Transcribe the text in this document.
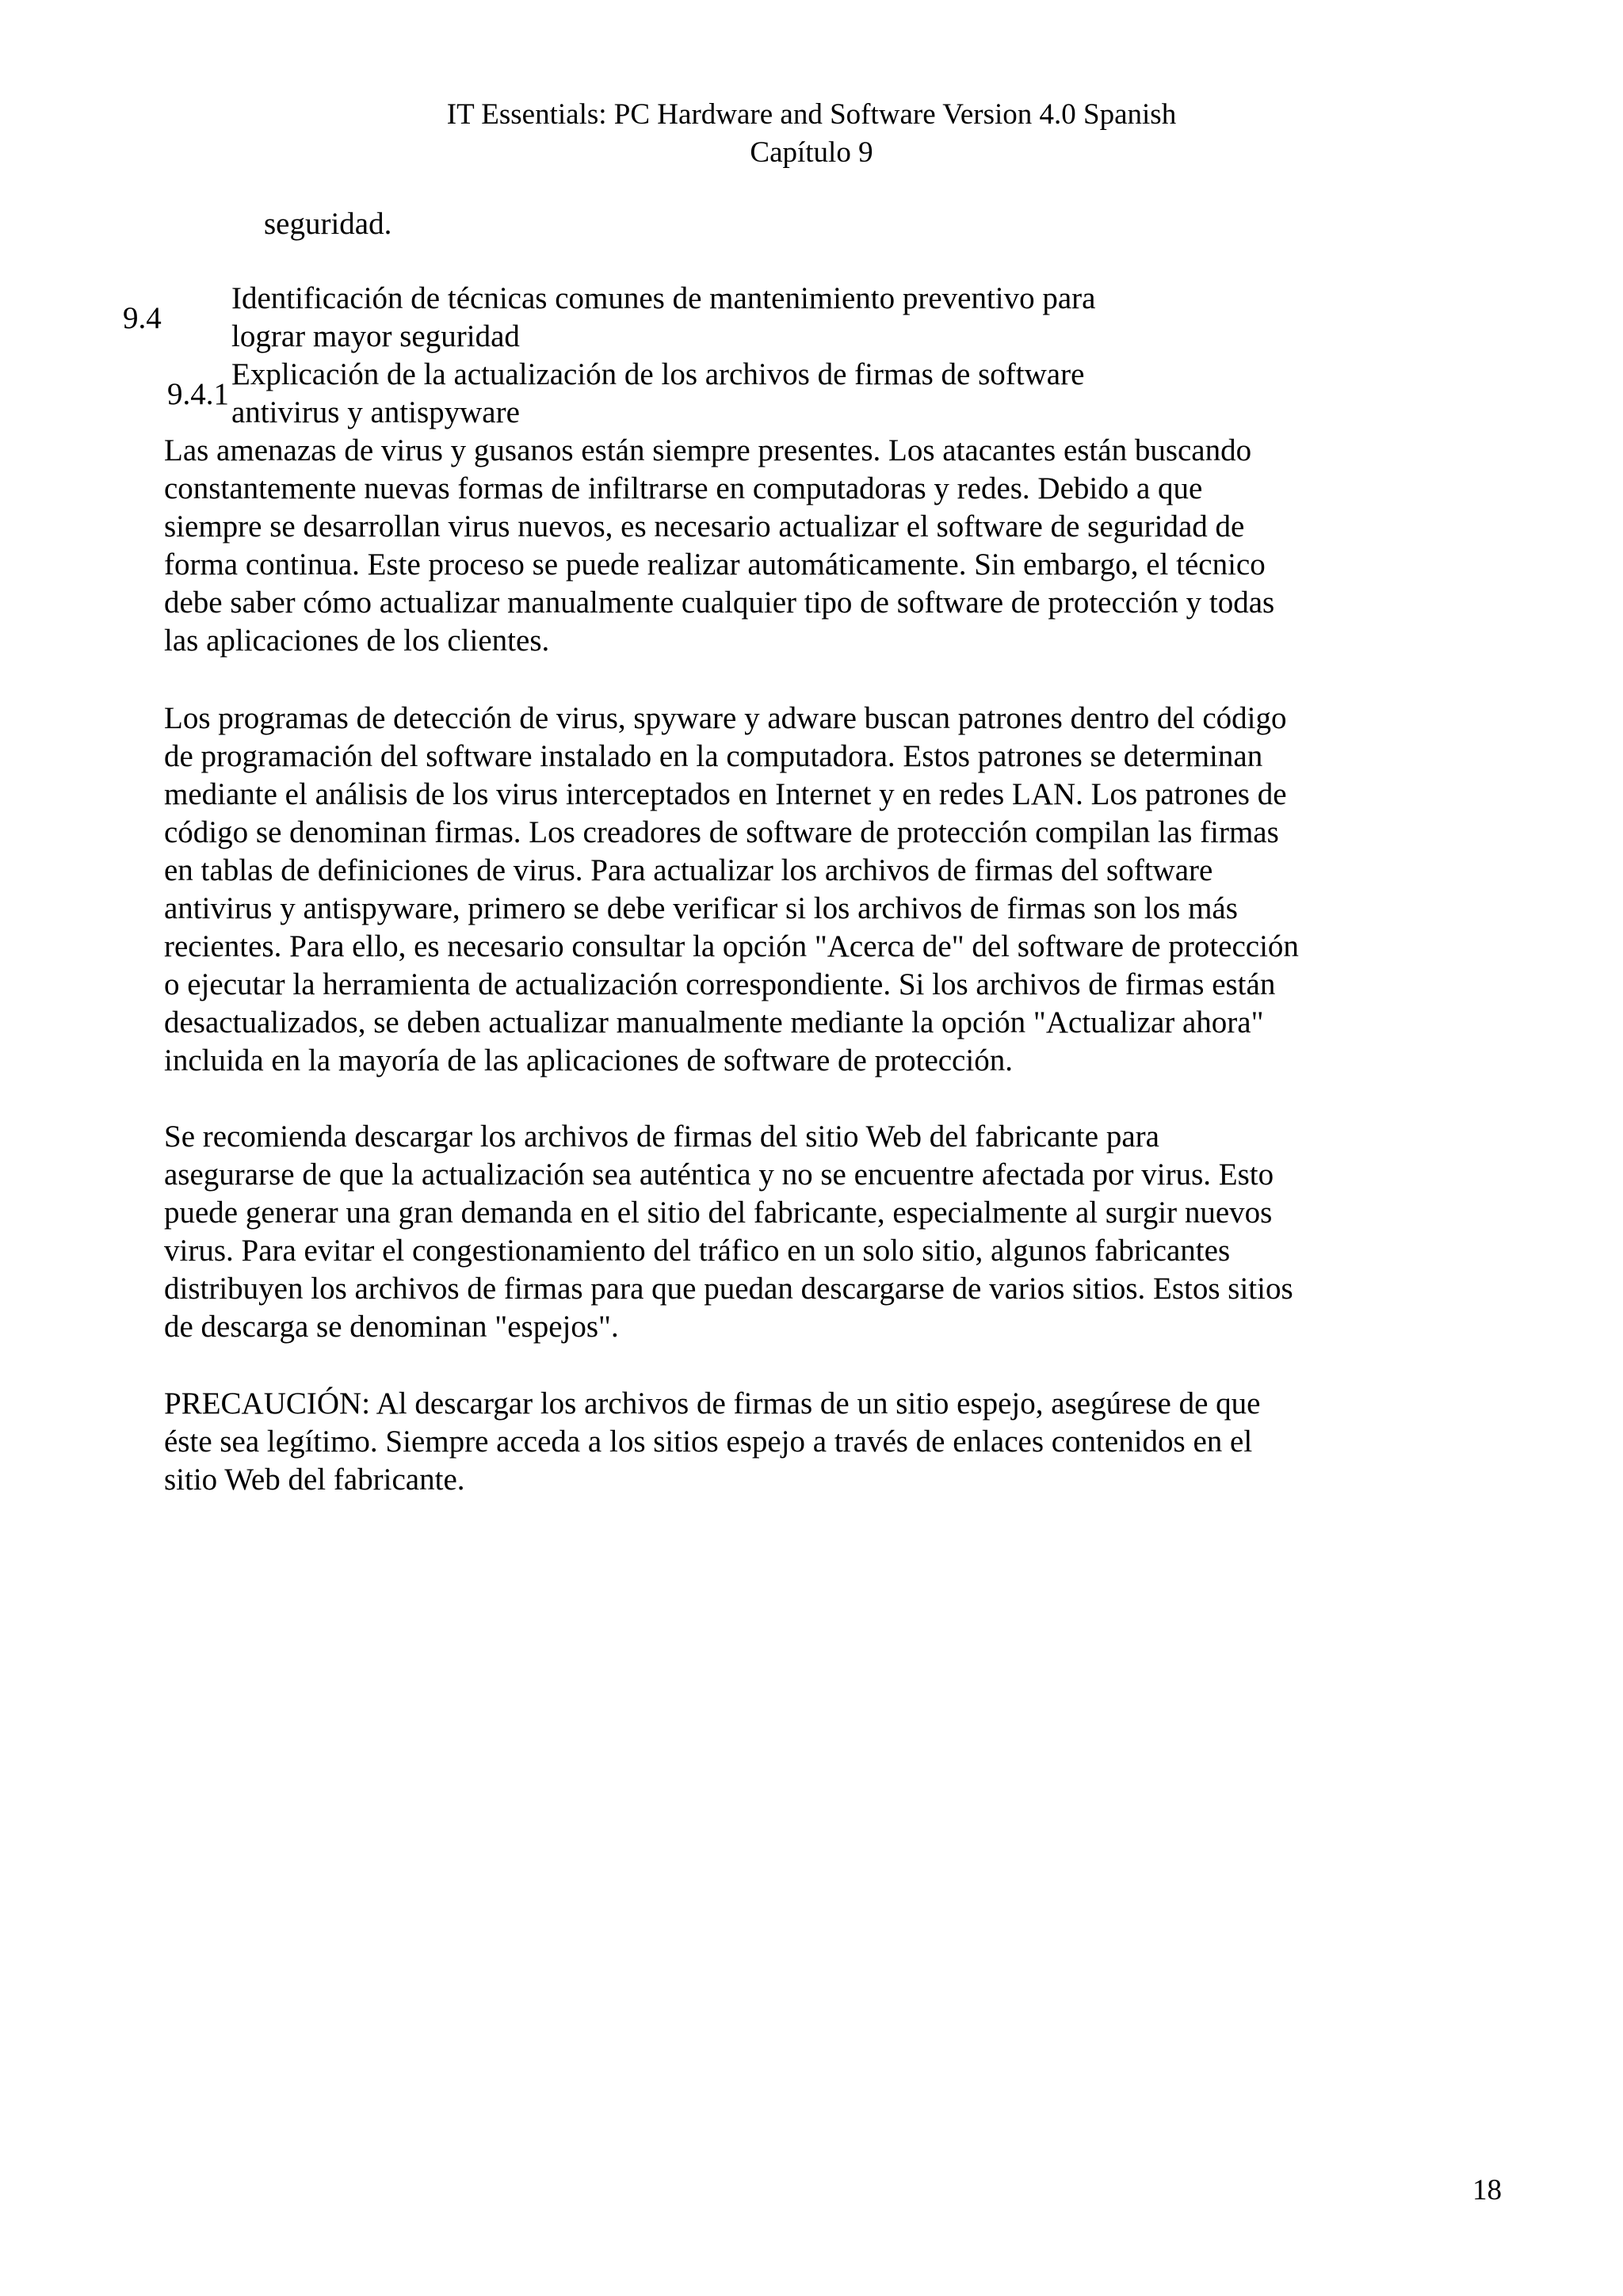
IT Essentials: PC Hardware and Software Version 4.0 Spanish
Capítulo 9
seguridad.
9.4
Identificación de técnicas comunes de mantenimiento preventivo para
lograr mayor seguridad
9.4.1
Explicación de la actualización de los archivos de firmas de software
antivirus y antispyware
Las amenazas de virus y gusanos están siempre presentes. Los atacantes están buscando
constantemente nuevas formas de infiltrarse en computadoras y redes. Debido a que
siempre se desarrollan virus nuevos, es necesario actualizar el software de seguridad de
forma continua. Este proceso se puede realizar automáticamente. Sin embargo, el técnico
debe saber cómo actualizar manualmente cualquier tipo de software de protección y todas
las aplicaciones de los clientes.
Los programas de detección de virus, spyware y adware buscan patrones dentro del código
de programación del software instalado en la computadora. Estos patrones se determinan
mediante el análisis de los virus interceptados en Internet y en redes LAN. Los patrones de
código se denominan firmas. Los creadores de software de protección compilan las firmas
en tablas de definiciones de virus. Para actualizar los archivos de firmas del software
antivirus y antispyware, primero se debe verificar si los archivos de firmas son los más
recientes. Para ello, es necesario consultar la opción "Acerca de" del software de protección
o ejecutar la herramienta de actualización correspondiente. Si los archivos de firmas están
desactualizados, se deben actualizar manualmente mediante la opción "Actualizar ahora"
incluida en la mayoría de las aplicaciones de software de protección.
Se recomienda descargar los archivos de firmas del sitio Web del fabricante para
asegurarse de que la actualización sea auténtica y no se encuentre afectada por virus. Esto
puede generar una gran demanda en el sitio del fabricante, especialmente al surgir nuevos
virus. Para evitar el congestionamiento del tráfico en un solo sitio, algunos fabricantes
distribuyen los archivos de firmas para que puedan descargarse de varios sitios. Estos sitios
de descarga se denominan "espejos".
PRECAUCIÓN: Al descargar los archivos de firmas de un sitio espejo, asegúrese de que
éste sea legítimo. Siempre acceda a los sitios espejo a través de enlaces contenidos en el
sitio Web del fabricante.
18
